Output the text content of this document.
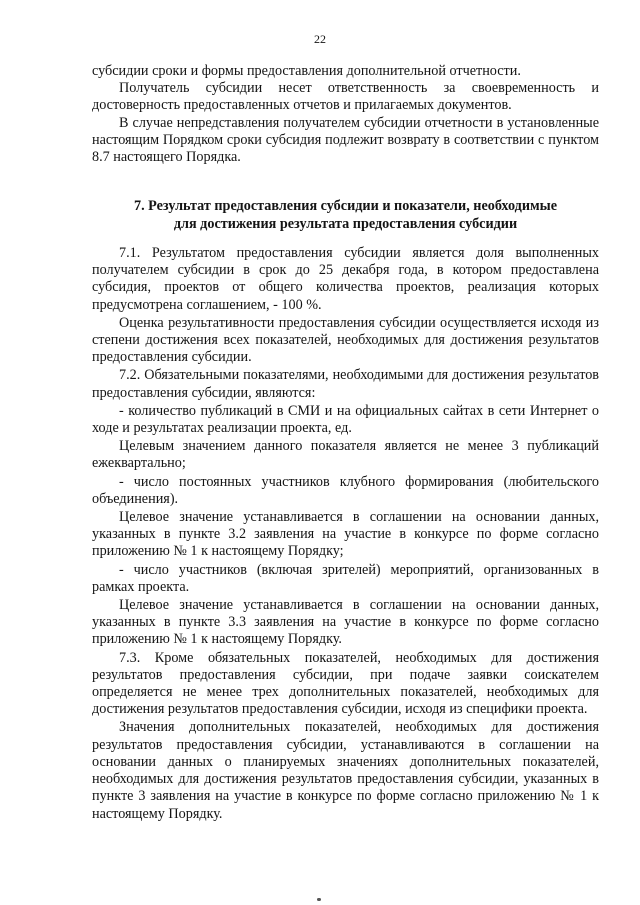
22

субсидии сроки и формы предоставления дополнительной отчетности.

Получатель субсидии несет ответственность за своевременность и достоверность предоставленных отчетов и прилагаемых документов.

В случае непредставления получателем субсидии отчетности в установленные настоящим Порядком сроки субсидия подлежит возврату в соответствии с пунктом 8.7 настоящего Порядка.

7. Результат предоставления субсидии и показатели, необходимые
для достижения результата предоставления субсидии

7.1. Результатом предоставления субсидии является доля выполненных получателем субсидии в срок до 25 декабря года, в котором предоставлена субсидия, проектов от общего количества проектов, реализация которых предусмотрена соглашением, - 100 %.

Оценка результативности предоставления субсидии осуществляется исходя из степени достижения всех показателей, необходимых для достижения результатов предоставления субсидии.

7.2. Обязательными показателями, необходимыми для достижения результатов предоставления субсидии, являются:

- количество публикаций в СМИ и на официальных сайтах в сети Интернет о ходе и результатах реализации проекта, ед.

Целевым значением данного показателя является не менее 3 публикаций ежеквартально;

- число постоянных участников клубного формирования (любительского объединения).

Целевое значение устанавливается в соглашении на основании данных, указанных в пункте 3.2 заявления на участие в конкурсе по форме согласно приложению № 1 к настоящему Порядку;

- число участников (включая зрителей) мероприятий, организованных в рамках проекта.

Целевое значение устанавливается в соглашении на основании данных, указанных в пункте 3.3 заявления на участие в конкурсе по форме согласно приложению № 1 к настоящему Порядку.

7.3. Кроме обязательных показателей, необходимых для достижения результатов предоставления субсидии, при подаче заявки соискателем определяется не менее трех дополнительных показателей, необходимых для достижения результатов предоставления субсидии, исходя из специфики проекта.

Значения дополнительных показателей, необходимых для достижения результатов предоставления субсидии, устанавливаются в соглашении на основании данных о планируемых значениях дополнительных показателей, необходимых для достижения результатов предоставления субсидии, указанных в пункте 3 заявления на участие в конкурсе по форме согласно приложению № 1 к настоящему Порядку.
